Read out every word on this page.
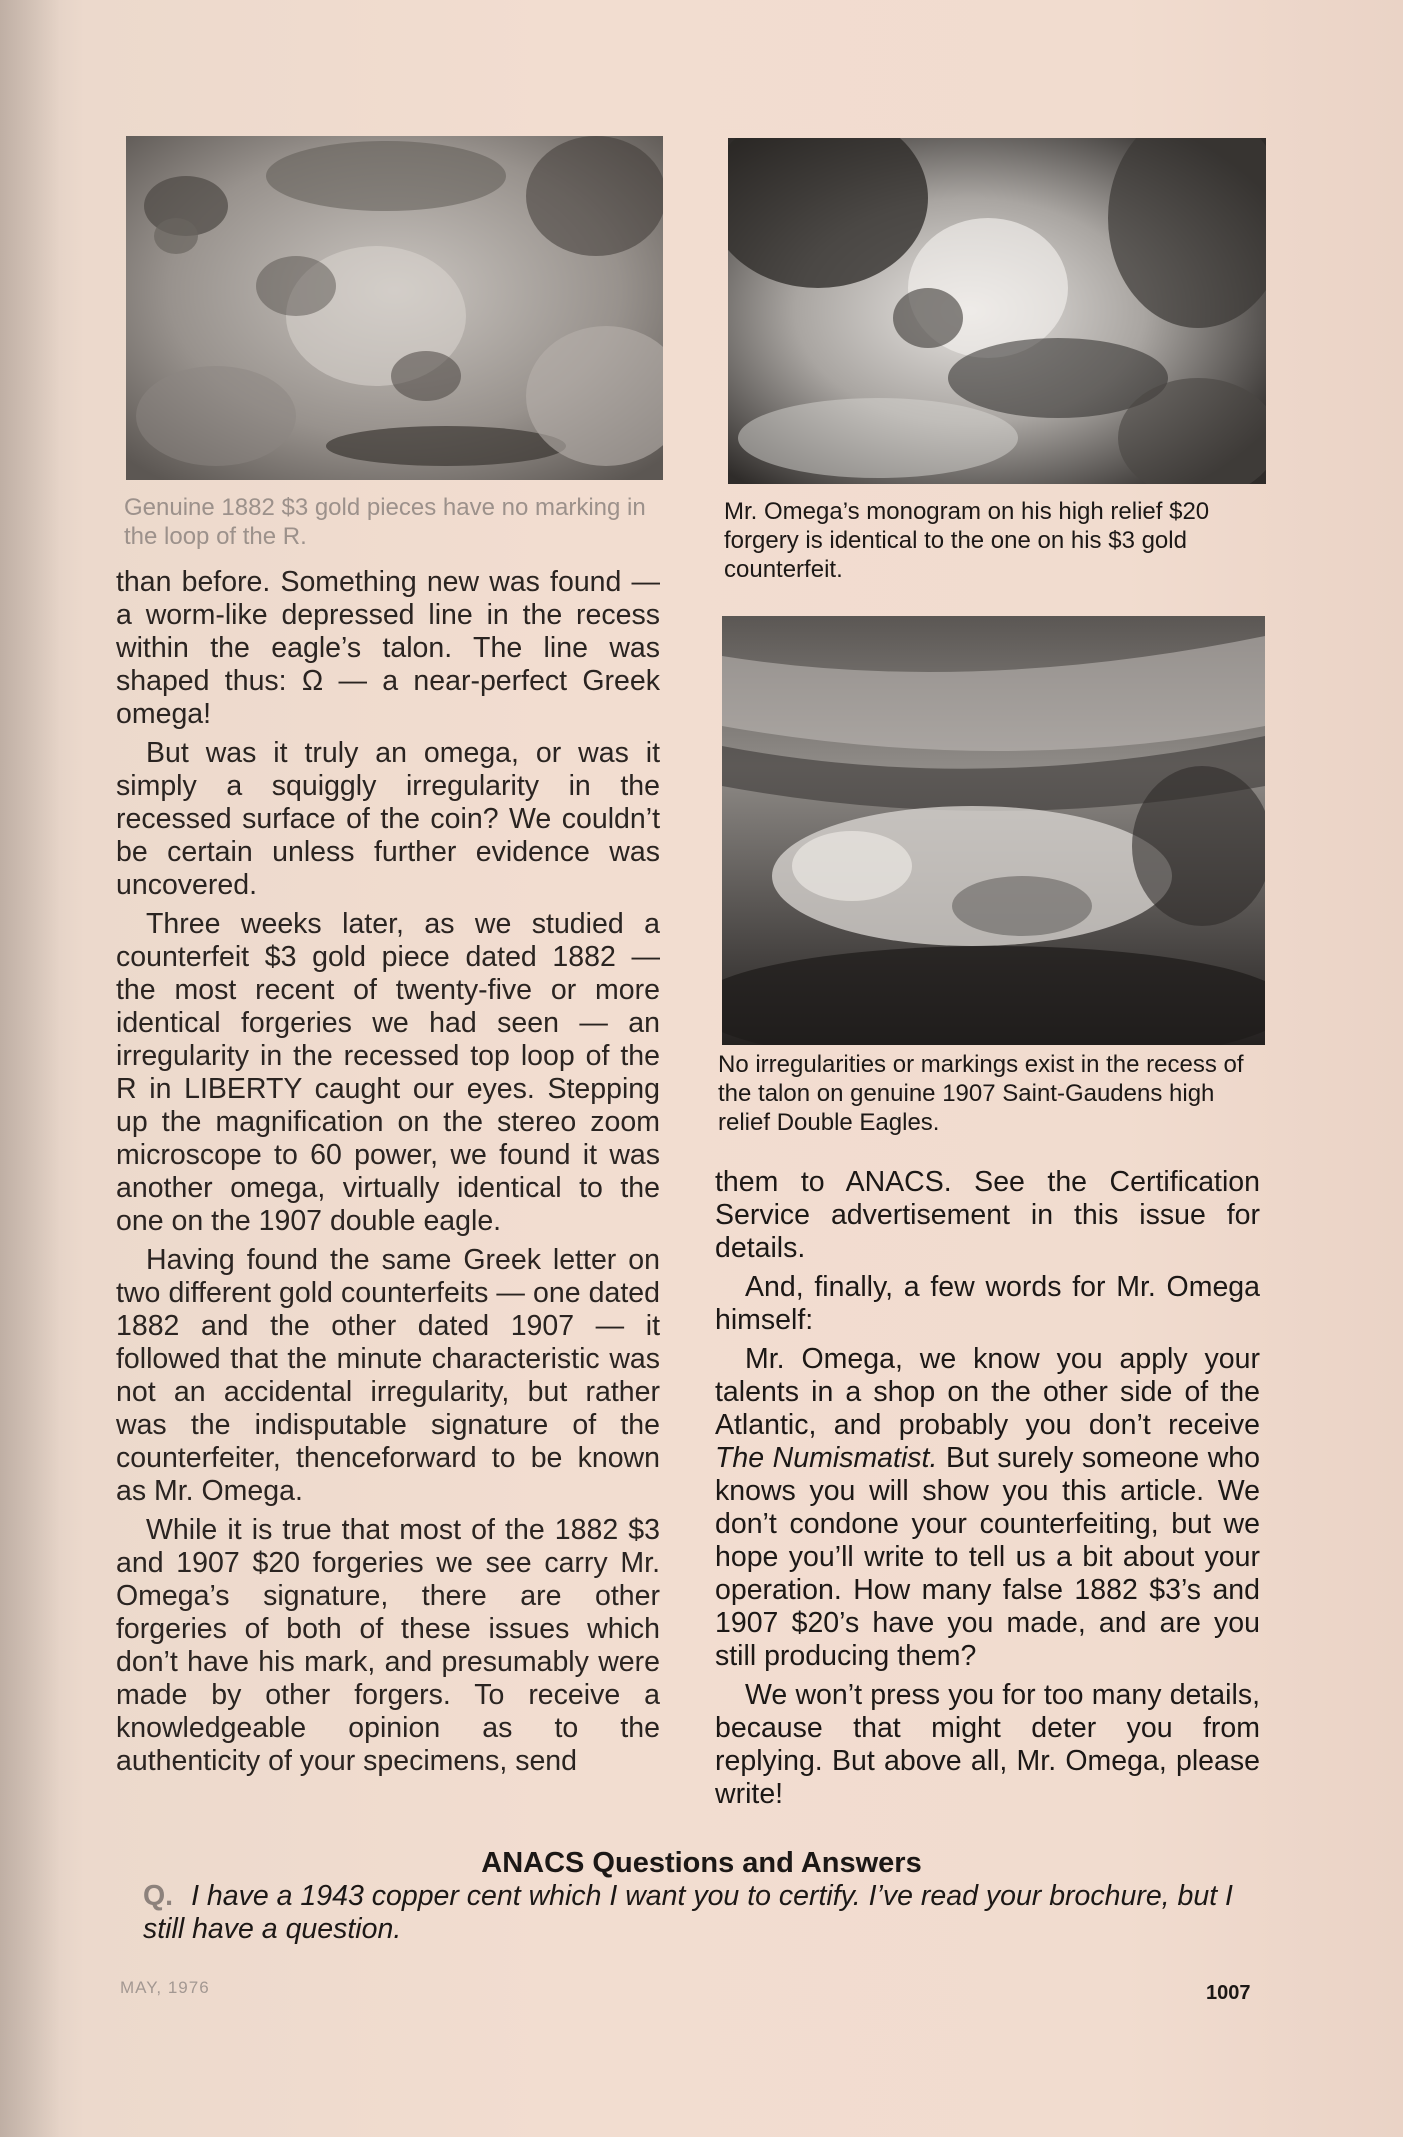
Genuine 1882 $3 gold pieces have no marking in the loop of the R.
Mr. Omega’s monogram on his high relief $20 forgery is identical to the one on his $3 gold counterfeit.
No irregularities or markings exist in the recess of the talon on genuine 1907 Saint-Gaudens high relief Double Eagles.

than before. Something new was found — a worm-like depressed line in the recess within the eagle’s talon. The line was shaped thus: Ω — a near-perfect Greek omega!

But was it truly an omega, or was it simply a squiggly irregularity in the recessed surface of the coin? We couldn’t be certain unless further evidence was uncovered.

Three weeks later, as we studied a counterfeit $3 gold piece dated 1882 — the most recent of twenty-five or more identical forgeries we had seen — an irregularity in the recessed top loop of the R in LIBERTY caught our eyes. Stepping up the magnification on the stereo zoom microscope to 60 power, we found it was another omega, virtually identical to the one on the 1907 double eagle.

Having found the same Greek letter on two different gold counterfeits — one dated 1882 and the other dated 1907 — it followed that the minute characteristic was not an accidental irregularity, but rather was the indisputable signature of the counterfeiter, thenceforward to be known as Mr. Omega.

While it is true that most of the 1882 $3 and 1907 $20 forgeries we see carry Mr. Omega’s signature, there are other forgeries of both of these issues which don’t have his mark, and presumably were made by other forgers. To receive a knowledgeable opinion as to the authenticity of your specimens, send

them to ANACS. See the Certification Service advertisement in this issue for details.

And, finally, a few words for Mr. Omega himself:

Mr. Omega, we know you apply your talents in a shop on the other side of the Atlantic, and probably you don’t receive The Numismatist. But surely someone who knows you will show you this article. We don’t condone your counterfeiting, but we hope you’ll write to tell us a bit about your operation. How many false 1882 $3’s and 1907 $20’s have you made, and are you still producing them?

We won’t press you for too many details, because that might deter you from replying. But above all, Mr. Omega, please write!

ANACS Questions and Answers
Q. I have a 1943 copper cent which I want you to certify. I’ve read your brochure, but I still have a question.
MAY, 1976	1007
